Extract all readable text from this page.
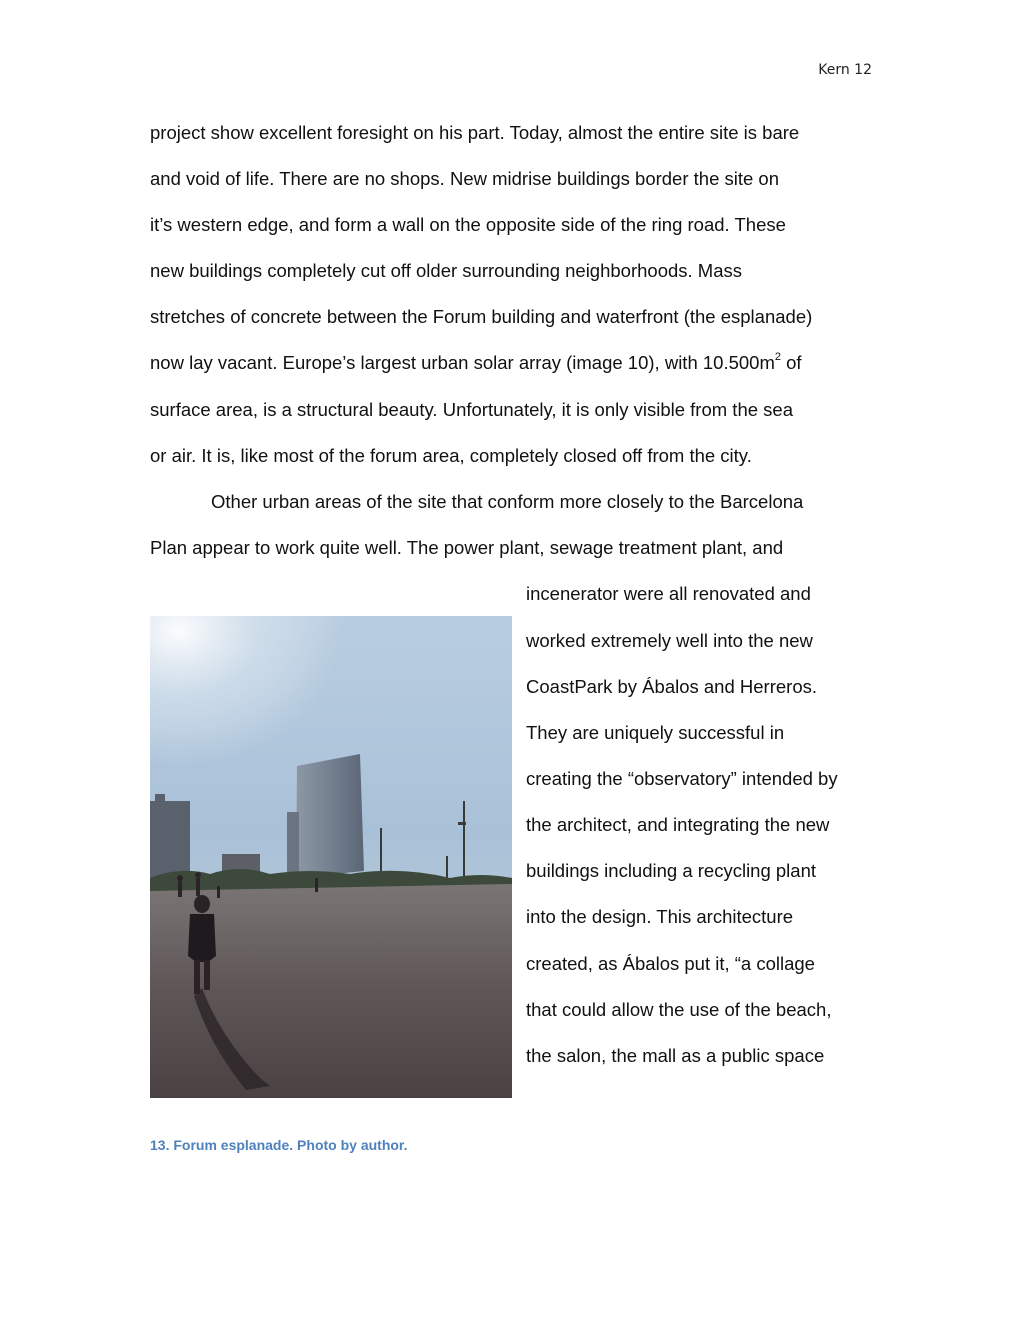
Kern 12
project show excellent foresight on his part. Today, almost the entire site is bare
and void of life. There are no shops. New midrise buildings border the site on
it’s western edge, and form a wall on the opposite side of the ring road. These
new buildings completely cut off older surrounding neighborhoods. Mass
stretches of concrete between the Forum building and waterfront (the esplanade)
now lay vacant. Europe’s largest urban solar array (image 10), with $10.500m^2$ of
surface area, is a structural beauty. Unfortunately, it is only visible from the sea
or air. It is, like most of the forum area, completely closed off from the city.
Other urban areas of the site that conform more closely to the Barcelona
Plan appear to work quite well. The power plant, sewage treatment plant, and
incenerator were all renovated and
worked extremely well into the new
CoastPark by Ábalos and Herreros.
They are uniquely successful in
creating the “observatory” intended by
the architect, and integrating the new
buildings including a recycling plant
into the design. This architecture
created, as Ábalos put it, “a collage
that could allow the use of the beach,
the salon, the mall as a public space
13. Forum esplanade. Photo by author.
